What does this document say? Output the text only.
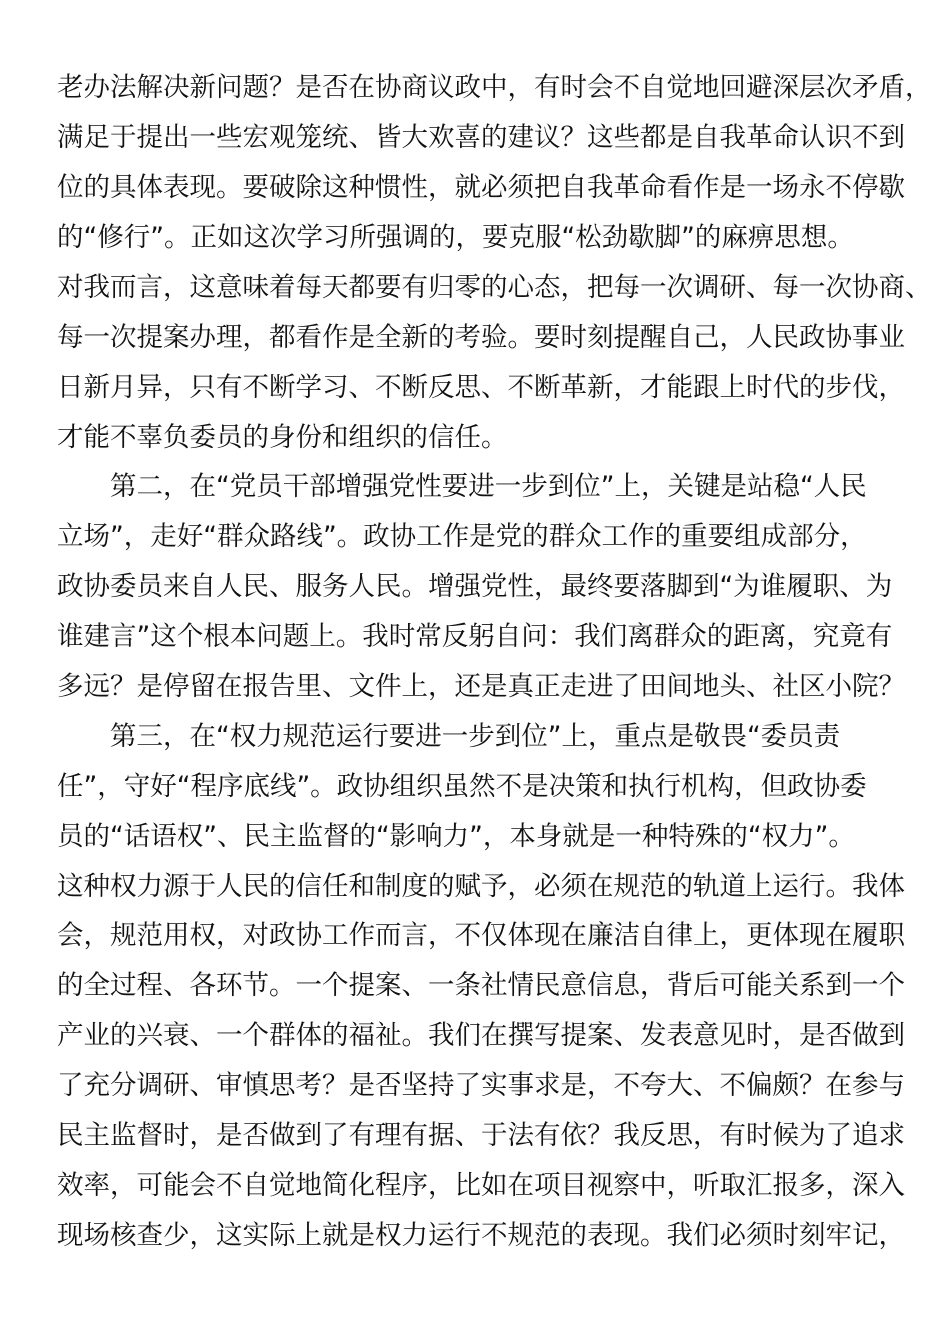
老办法解决新问题？是否在协商议政中，有时会不自觉地回避深层次矛盾，
满足于提出一些宏观笼统、皆大欢喜的建议？这些都是自我革命认识不到
位的具体表现。要破除这种惯性，就必须把自我革命看作是一场永不停歇
的“修行”。正如这次学习所强调的，要克服“松劲歇脚”的麻痹思想。
对我而言，这意味着每天都要有归零的心态，把每一次调研、每一次协商、
每一次提案办理，都看作是全新的考验。要时刻提醒自己，人民政协事业
日新月异，只有不断学习、不断反思、不断革新，才能跟上时代的步伐，
才能不辜负委员的身份和组织的信任。
第二，在“党员干部增强党性要进一步到位”上，关键是站稳“人民
立场”，走好“群众路线”。政协工作是党的群众工作的重要组成部分，
政协委员来自人民、服务人民。增强党性，最终要落脚到“为谁履职、为
谁建言”这个根本问题上。我时常反躬自问：我们离群众的距离，究竟有
多远？是停留在报告里、文件上，还是真正走进了田间地头、社区小院？
第三，在“权力规范运行要进一步到位”上，重点是敬畏“委员责
任”，守好“程序底线”。政协组织虽然不是决策和执行机构，但政协委
员的“话语权”、民主监督的“影响力”，本身就是一种特殊的“权力”。
这种权力源于人民的信任和制度的赋予，必须在规范的轨道上运行。我体
会，规范用权，对政协工作而言，不仅体现在廉洁自律上，更体现在履职
的全过程、各环节。一个提案、一条社情民意信息，背后可能关系到一个
产业的兴衰、一个群体的福祉。我们在撰写提案、发表意见时，是否做到
了充分调研、审慎思考？是否坚持了实事求是，不夸大、不偏颇？在参与
民主监督时，是否做到了有理有据、于法有依？我反思，有时候为了追求
效率，可能会不自觉地简化程序，比如在项目视察中，听取汇报多，深入
现场核查少，这实际上就是权力运行不规范的表现。我们必须时刻牢记，
